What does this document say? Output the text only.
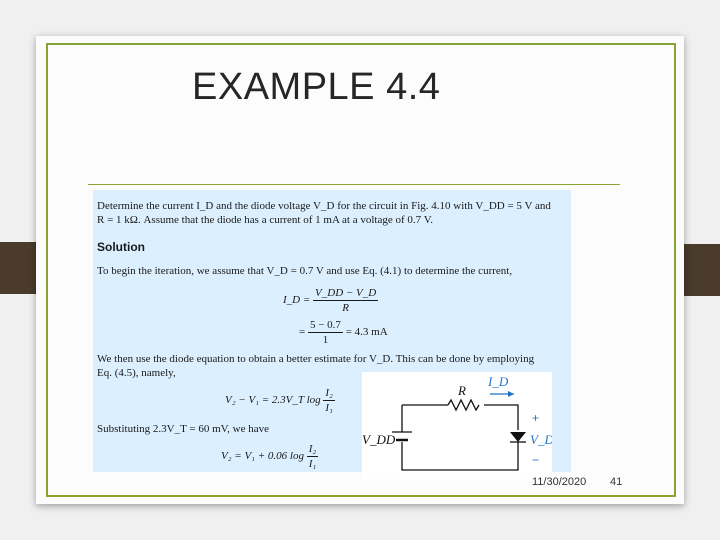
EXAMPLE 4.4
Determine the current I_D and the diode voltage V_D for the circuit in Fig. 4.10 with V_DD = 5 V and
R = 1 kΩ. Assume that the diode has a current of 1 mA at a voltage of 0.7 V.
Solution
To begin the iteration, we assume that V_D = 0.7 V and use Eq. (4.1) to determine the current,
I_D = $\frac{V\_DD - V\_D}{R}$
= $\frac{5 - 0.7}{1} = 4.3$ mA
We then use the diode equation to obtain a better estimate for V_D. This can be done by employing
Eq. (4.5), namely,
V₂ − V₁ = 2.3V_T $\log \frac{\text{I₂}}{\text{I₁}}$
Substituting 2.3V_T = 60 mV, we have
V₂ = V₁ + 0.06 $\log \frac{\text{I₂}}{\text{I₁}}$
R
I_D
V_DD
+
V_D
−
11/30/2020 41
